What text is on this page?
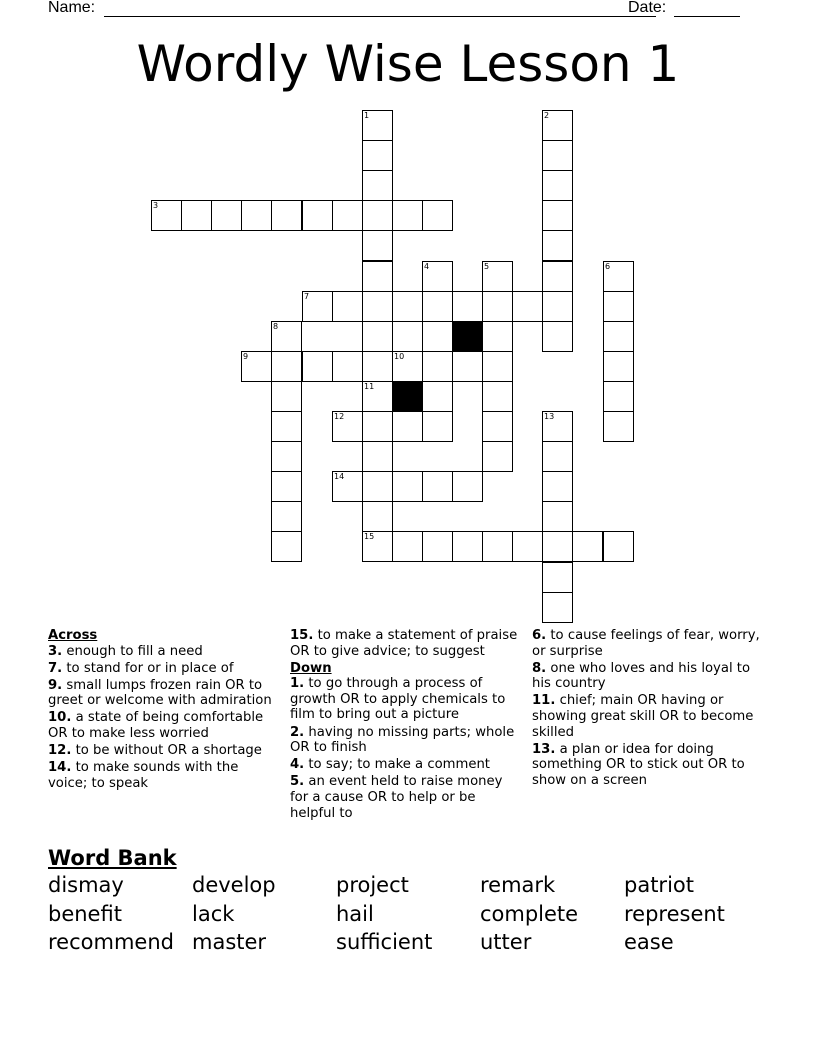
Name:	Date:
Wordly Wise Lesson 1
1	2
3
4	5	6
7
8
9	10
11
12	13
14
15
Across
3. enough to fill a need
7. to stand for or in place of
9. small lumps frozen rain OR to greet or welcome with admiration
10. a state of being comfortable OR to make less worried
12. to be without OR a shortage
14. to make sounds with the voice; to speak
15. to make a statement of praise OR to give advice; to suggest
Down
1. to go through a process of growth OR to apply chemicals to film to bring out a picture
2. having no missing parts; whole OR to finish
4. to say; to make a comment
5. an event held to raise money for a cause OR to help or be helpful to
6. to cause feelings of fear, worry, or surprise
8. one who loves and his loyal to his country
11. chief; main OR having or showing great skill OR to become skilled
13. a plan or idea for doing something OR to stick out OR to show on a screen
Word Bank
dismay	develop	project	remark	patriot
benefit	lack	hail	complete	represent
recommend master	sufficient	utter	ease
